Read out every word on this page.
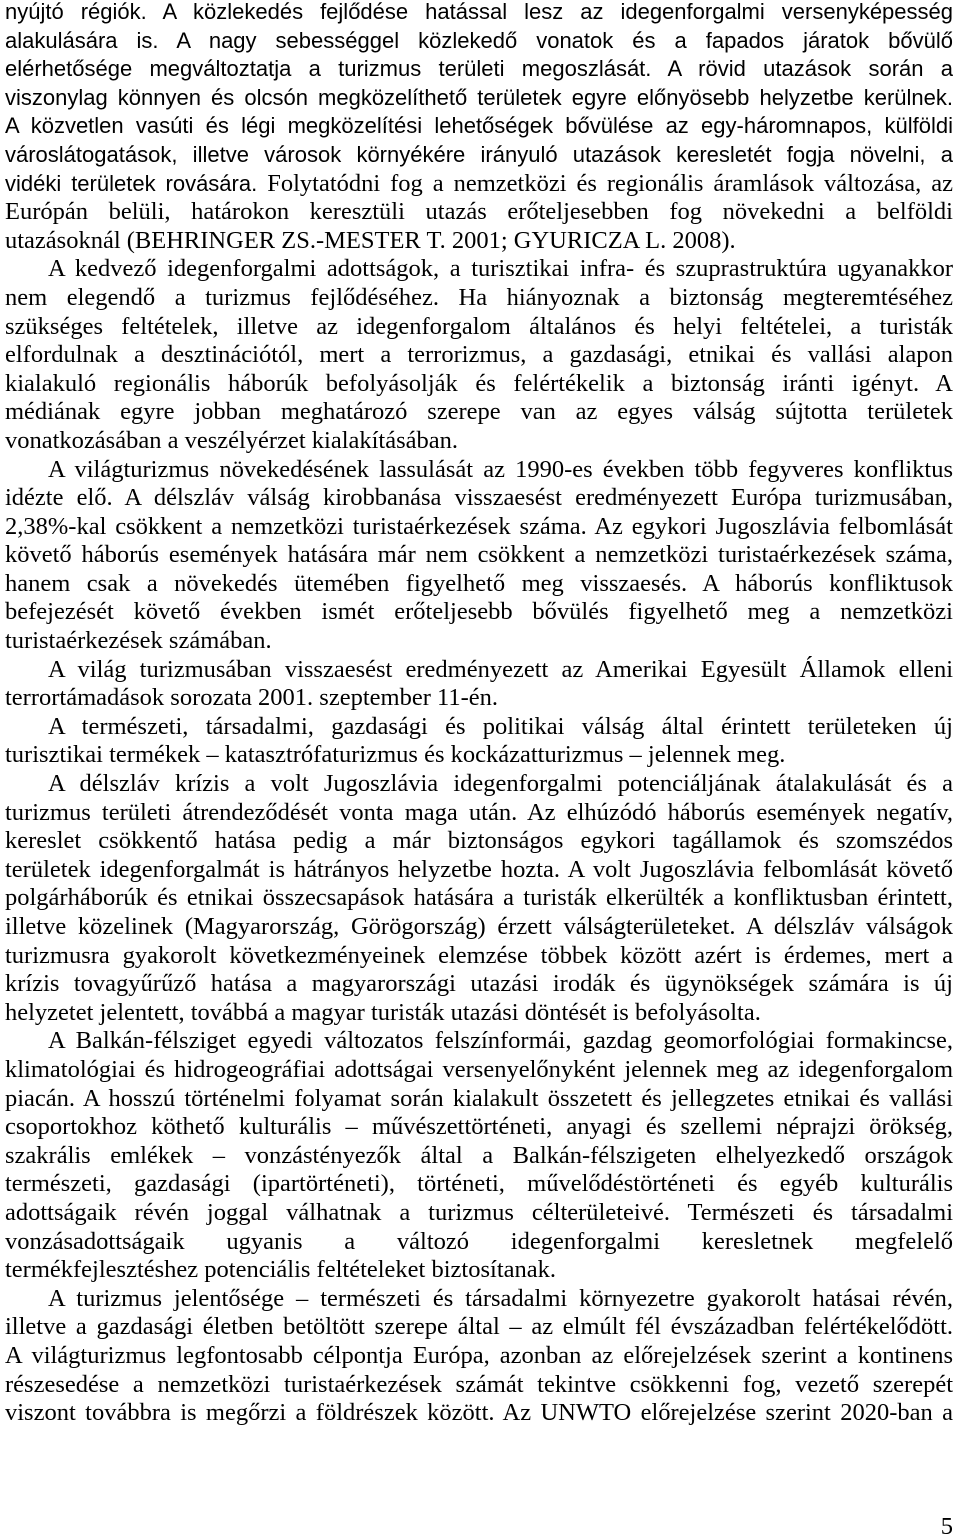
nyújtó régiók. A közlekedés fejlődése hatással lesz az idegenforgalmi versenyképesség
alakulására is. A nagy sebességgel közlekedő vonatok és a fapados járatok bővülő
elérhetősége megváltoztatja a turizmus területi megoszlását. A rövid utazások során a
viszonylag könnyen és olcsón megközelíthető területek egyre előnyösebb helyzetbe kerülnek.
A közvetlen vasúti és légi megközelítési lehetőségek bővülése az egy-háromnapos, külföldi
városlátogatások, illetve városok környékére irányuló utazások keresletét fogja növelni, a
vidéki területek rovására. Folytatódni fog a nemzetközi és regionális áramlások változása, az
Európán belüli, határokon keresztüli utazás erőteljesebben fog növekedni a belföldi
utazásoknál (BEHRINGER ZS.-MESTER T. 2001; GYURICZA L. 2008).
A kedvező idegenforgalmi adottságok, a turisztikai infra- és szuprastruktúra ugyanakkor
nem elegendő a turizmus fejlődéséhez. Ha hiányoznak a biztonság megteremtéséhez
szükséges feltételek, illetve az idegenforgalom általános és helyi feltételei, a turisták
elfordulnak a desztinációtól, mert a terrorizmus, a gazdasági, etnikai és vallási alapon
kialakuló regionális háborúk befolyásolják és felértékelik a biztonság iránti igényt. A
médiának egyre jobban meghatározó szerepe van az egyes válság sújtotta területek
vonatkozásában a veszélyérzet kialakításában.
A világturizmus növekedésének lassulását az 1990-es években több fegyveres konfliktus
idézte elő. A délszláv válság kirobbanása visszaesést eredményezett Európa turizmusában,
2,38%-kal csökkent a nemzetközi turistaérkezések száma. Az egykori Jugoszlávia felbomlását
követő háborús események hatására már nem csökkent a nemzetközi turistaérkezések száma,
hanem csak a növekedés ütemében figyelhető meg visszaesés. A háborús konfliktusok
befejezését követő években ismét erőteljesebb bővülés figyelhető meg a nemzetközi
turistaérkezések számában.
A világ turizmusában visszaesést eredményezett az Amerikai Egyesült Államok elleni
terrortámadások sorozata 2001. szeptember 11-én.
A természeti, társadalmi, gazdasági és politikai válság által érintett területeken új
turisztikai termékek – katasztrófaturizmus és kockázatturizmus – jelennek meg.
A délszláv krízis a volt Jugoszlávia idegenforgalmi potenciáljának átalakulását és a
turizmus területi átrendeződését vonta maga után. Az elhúzódó háborús események negatív,
kereslet csökkentő hatása pedig a már biztonságos egykori tagállamok és szomszédos
területek idegenforgalmát is hátrányos helyzetbe hozta. A volt Jugoszlávia felbomlását követő
polgárháborúk és etnikai összecsapások hatására a turisták elkerülték a konfliktusban érintett,
illetve közelinek (Magyarország, Görögország) érzett válságterületeket. A délszláv válságok
turizmusra gyakorolt következményeinek elemzése többek között azért is érdemes, mert a
krízis tovagyűrűző hatása a magyarországi utazási irodák és ügynökségek számára is új
helyzetet jelentett, továbbá a magyar turisták utazási döntését is befolyásolta.
A Balkán-félsziget egyedi változatos felszínformái, gazdag geomorfológiai formakincse,
klimatológiai és hidrogeográfiai adottságai versenyelőnyként jelennek meg az idegenforgalom
piacán. A hosszú történelmi folyamat során kialakult összetett és jellegzetes etnikai és vallási
csoportokhoz köthető kulturális – művészettörténeti, anyagi és szellemi néprajzi örökség,
szakrális emlékek – vonzástényezők által a Balkán-félszigeten elhelyezkedő országok
természeti, gazdasági (ipartörténeti), történeti, művelődéstörténeti és egyéb kulturális
adottságaik révén joggal válhatnak a turizmus célterületeivé. Természeti és társadalmi
vonzásadottságaik ugyanis a változó idegenforgalmi keresletnek megfelelő
termékfejlesztéshez potenciális feltételeket biztosítanak.
A turizmus jelentősége – természeti és társadalmi környezetre gyakorolt hatásai révén,
illetve a gazdasági életben betöltött szerepe által – az elmúlt fél évszázadban felértékelődött.
A világturizmus legfontosabb célpontja Európa, azonban az előrejelzések szerint a kontinens
részesedése a nemzetközi turistaérkezések számát tekintve csökkenni fog, vezető szerepét
viszont továbbra is megőrzi a földrészek között. Az UNWTO előrejelzése szerint 2020-ban a
5
